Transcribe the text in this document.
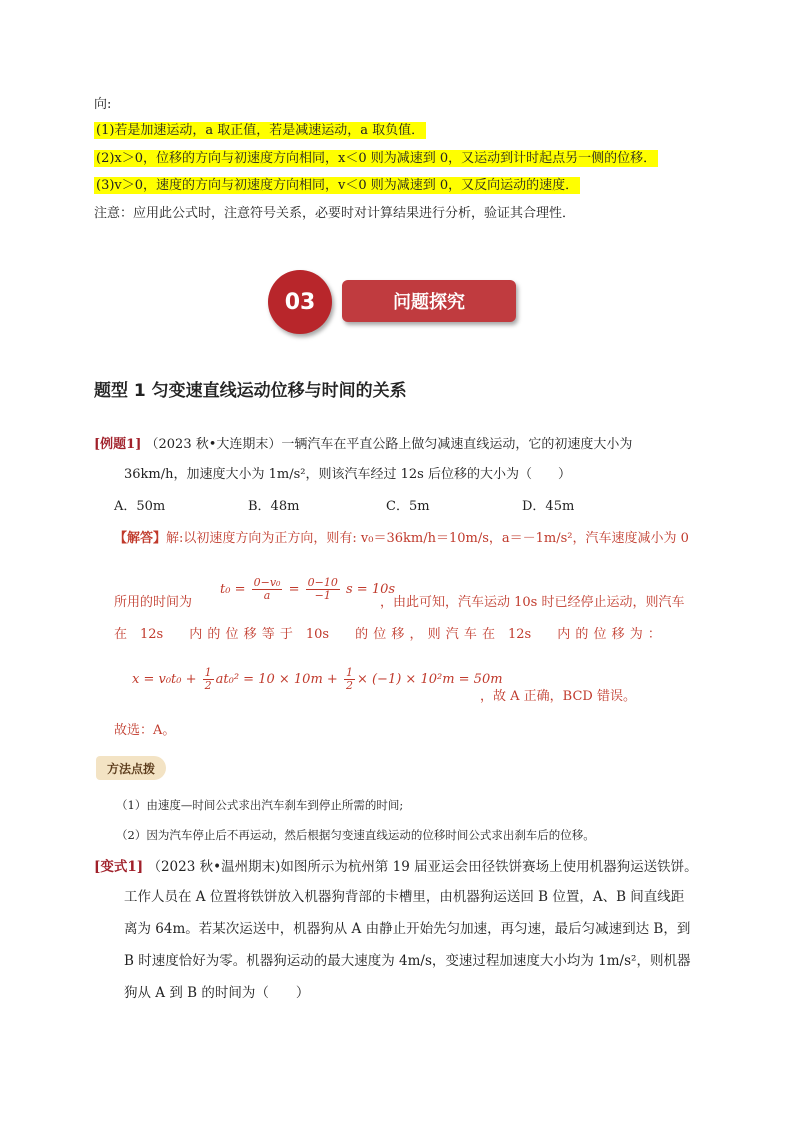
向:
(1)若是加速运动，a 取正值，若是减速运动，a 取负值．
(2)x＞0，位移的方向与初速度方向相同，x＜0 则为减速到 0，又运动到计时起点另一侧的位移．
(3)v＞0，速度的方向与初速度方向相同，v＜0 则为减速到 0，又反向运动的速度．
注意：应用此公式时，注意符号关系，必要时对计算结果进行分析，验证其合理性．
问题探究
03
题型 1 匀变速直线运动位移与时间的关系
[例题1] （2023 秋•大连期末）一辆汽车在平直公路上做匀减速直线运动，它的初速度大小为
36km/h，加速度大小为 1m/s²，则该汽车经过 12s 后位移的大小为（　　）
A．50m	B．48m	C．5m	D．45m
【解答】解:以初速度方向为正方向，则有: v₀＝36km/h＝10m/s，a＝－1m/s²，汽车速度减小为 0
所用的时间为
$t_0 = \frac{\text{0−v₀}}{a} = \frac{0-10}{-1}$ s = 10s
，由此可知，汽车运动 10s 时已经停止运动，则汽车
在　12s　　内 的 位 移 等 于　10s　　的 位 移 ， 则 汽 车 在　12s　　内 的 位 移 为 ：
$x = v_0t_0 + \frac{1}{2} at_0^2 = 10 \times 10m + \frac{1}{2} \times (-1) \times 10^2m = 50m$
，故 A 正确，BCD 错误。
故选：A。
方法点拨
（1）由速度—时间公式求出汽车刹车到停止所需的时间;
（2）因为汽车停止后不再运动，然后根据匀变速直线运动的位移时间公式求出刹车后的位移。
[变式1] （2023 秋•温州期末)如图所示为杭州第 19 届亚运会田径铁饼赛场上使用机器狗运送铁饼。
工作人员在 A 位置将铁饼放入机器狗背部的卡槽里，由机器狗运送回 B 位置，A、B 间直线距
离为 64m。若某次运送中，机器狗从 A 由静止开始先匀加速，再匀速，最后匀减速到达 B，到
B 时速度恰好为零。机器狗运动的最大速度为 4m/s，变速过程加速度大小均为 1m/s²，则机器
狗从 A 到 B 的时间为（　　）
